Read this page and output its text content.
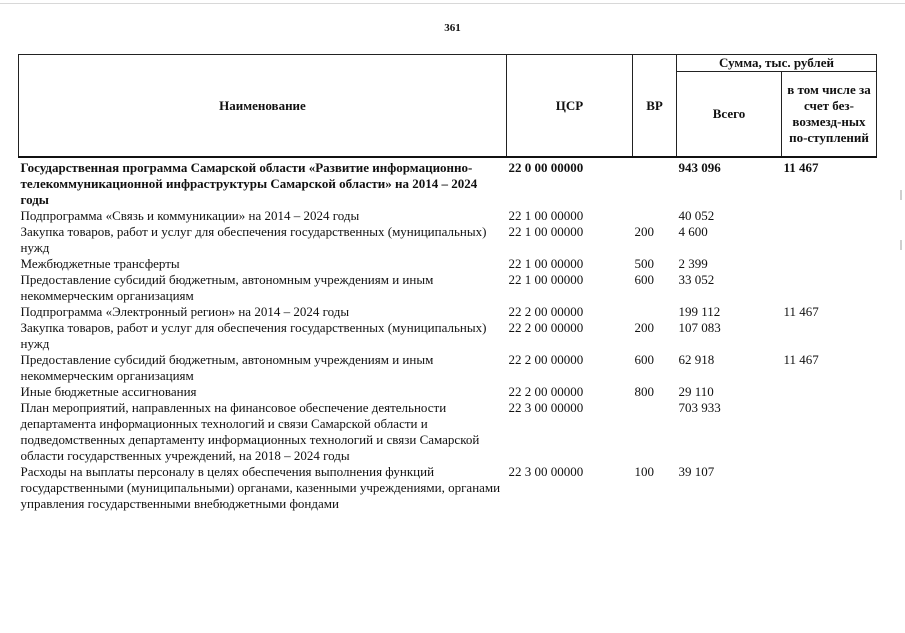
361
Наименование	ЦСР	ВР	Сумма, тыс. рублей	
			Всего	в том числе за счет без-возмезд-ных по-ступлений
Государственная программа Самарской области «Развитие информационно-телекоммуникационной инфраструктуры Самарской области» на 2014 – 2024 годы	22 0 00 00000		943 096	11 467
Подпрограмма «Связь и коммуникации» на 2014 – 2024 годы	22 1 00 00000		40 052	
Закупка товаров, работ и услуг для обеспечения государственных (муниципальных) нужд	22 1 00 00000	200	4 600	
Межбюджетные трансферты	22 1 00 00000	500	2 399	
Предоставление субсидий бюджетным, автономным учреждениям и иным некоммерческим организациям	22 1 00 00000	600	33 052	
Подпрограмма «Электронный регион» на 2014 – 2024 годы	22 2 00 00000		199 112	11 467
Закупка товаров, работ и услуг для обеспечения государственных (муниципальных) нужд	22 2 00 00000	200	107 083	
Предоставление субсидий бюджетным, автономным учреждениям и иным некоммерческим организациям	22 2 00 00000	600	62 918	11 467
Иные бюджетные ассигнования	22 2 00 00000	800	29 110	
План мероприятий, направленных на финансовое обеспечение деятельности департамента информационных технологий и связи Самарской области и подведомственных департаменту информационных технологий и связи Самарской области государственных учреждений, на 2018 – 2024 годы	22 3 00 00000		703 933	
Расходы на выплаты персоналу в целях обеспечения выполнения функций государственными (муниципальными) органами, казенными учреждениями, органами управления государственными внебюджетными фондами	22 3 00 00000	100	39 107	
